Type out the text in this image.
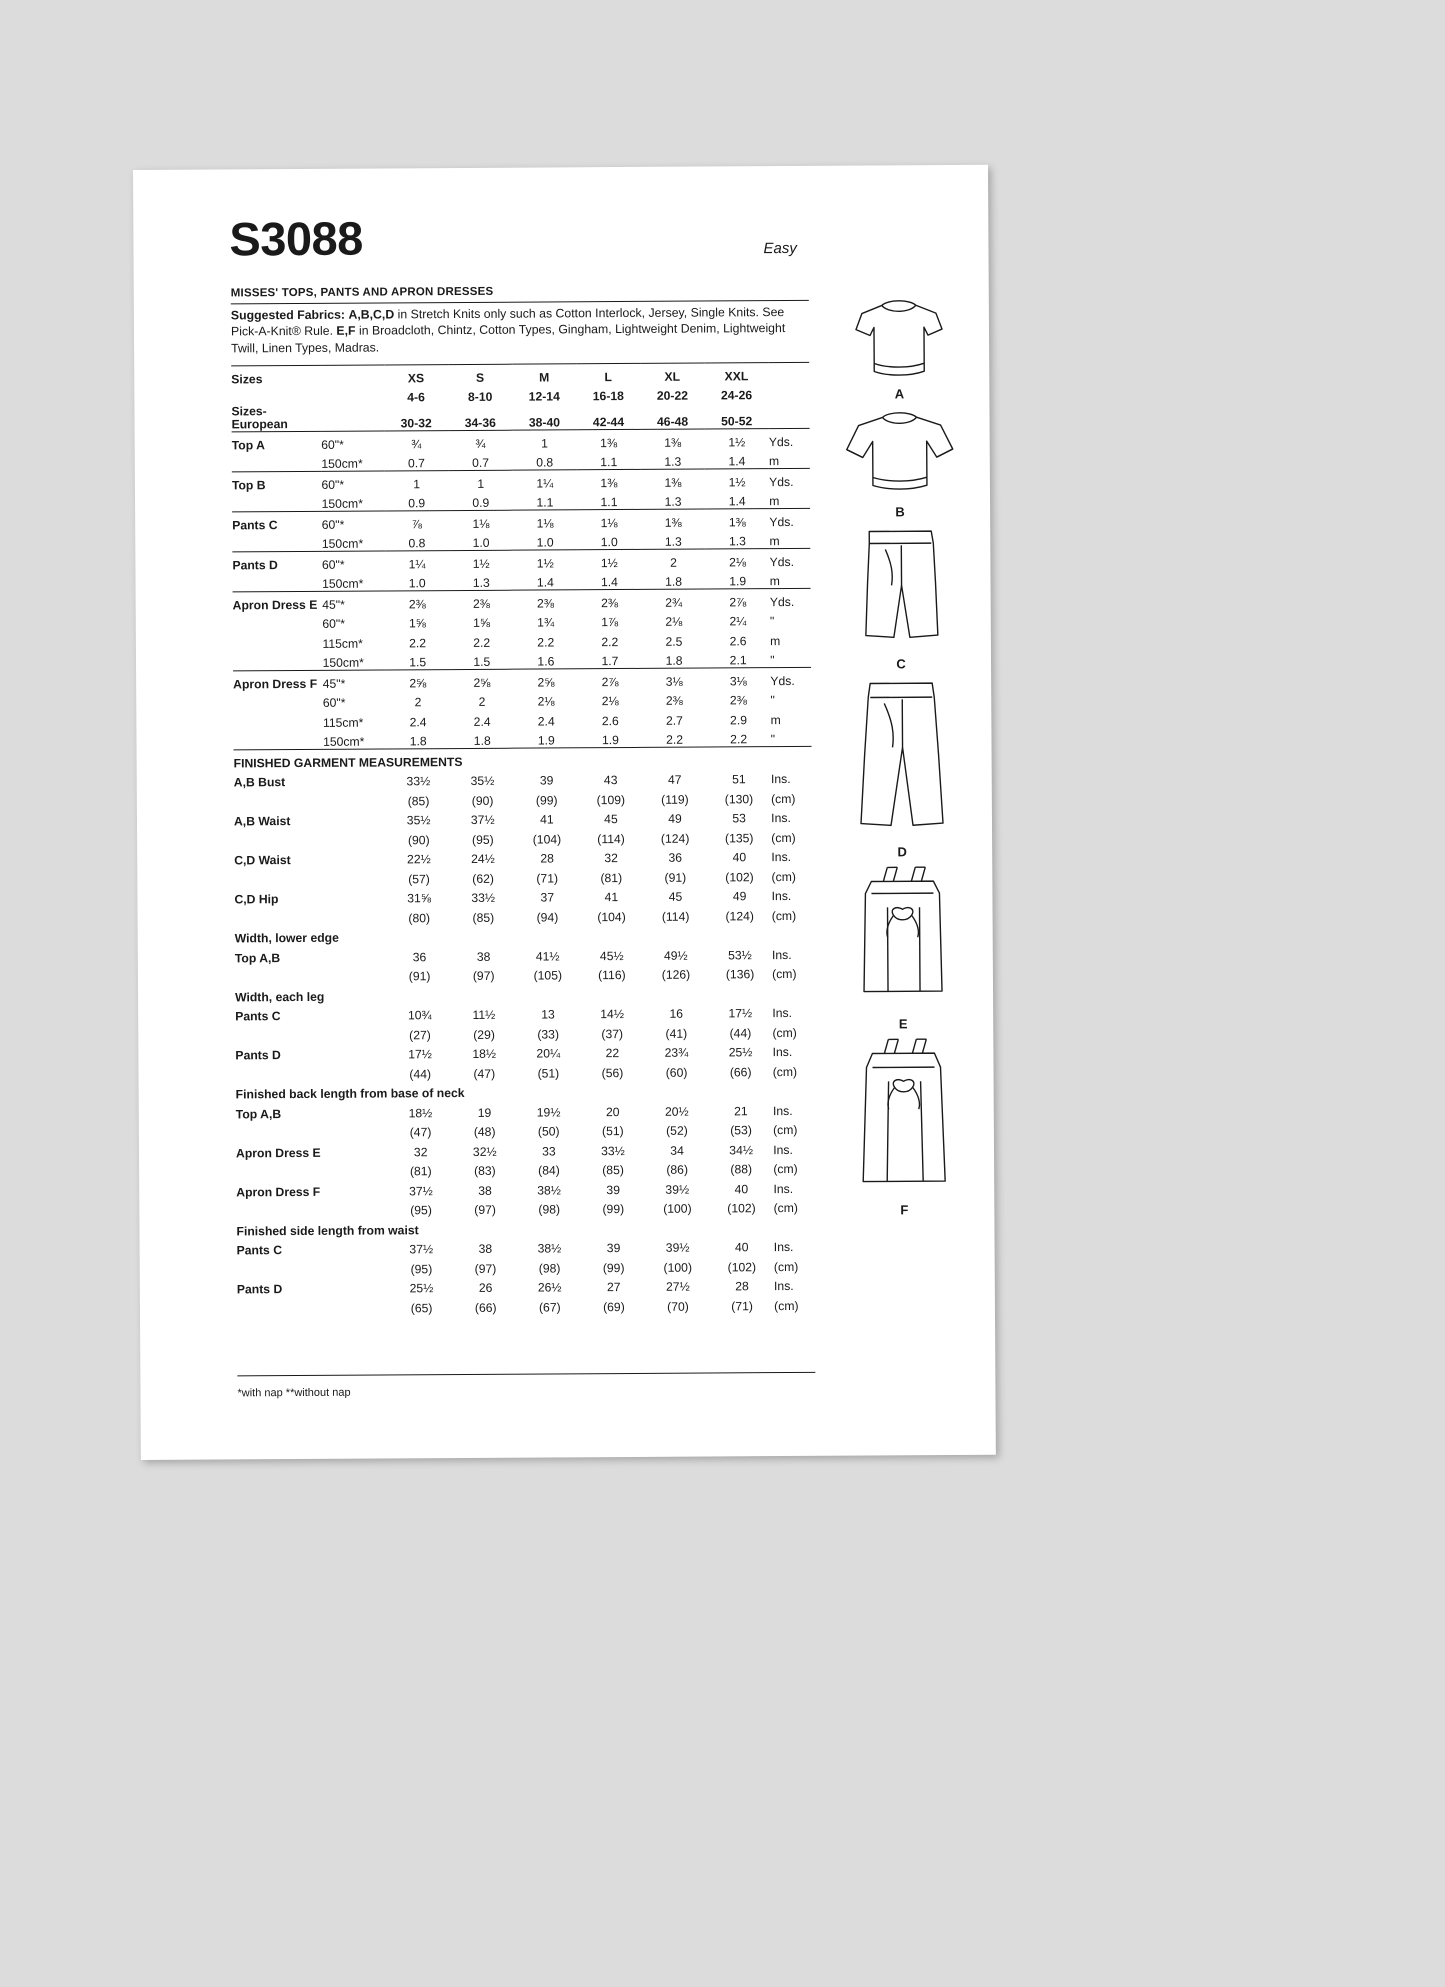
S3088	Easy
MISSES' TOPS, PANTS AND APRON DRESSES
Suggested Fabrics: A,B,C,D in Stretch Knits only such as Cotton Interlock, Jersey, Single Knits. See Pick-A-Knit® Rule. E,F in Broadcloth, Chintz, Cotton Types, Gingham, Lightweight Denim, Lightweight Twill, Linen Types, Madras.
Sizes		XS	S	M	L	XL	XXL	
		4-6	8-10	12-14	16-18	20-22	24-26	
Sizes- European		30-32	34-36	38-40	42-44	46-48	50-52	
Top A	60"*	¾	¾	1	1⅜	1⅜	1½	Yds.
	150cm*	0.7	0.7	0.8	1.1	1.3	1.4	m
Top B	60"*	1	1	1¼	1⅜	1⅜	1½	Yds.
	150cm*	0.9	0.9	1.1	1.1	1.3	1.4	m
Pants C	60"*	⅞	1⅛	1⅛	1⅛	1⅜	1⅜	Yds.
	150cm*	0.8	1.0	1.0	1.0	1.3	1.3	m
Pants D	60"*	1¼	1½	1½	1½	2	2⅛	Yds.
	150cm*	1.0	1.3	1.4	1.4	1.8	1.9	m
Apron Dress E	45"*	2⅜	2⅜	2⅜	2⅜	2¾	2⅞	Yds.
	60"*	1⅝	1⅝	1¾	1⅞	2⅛	2¼	"
	115cm*	2.2	2.2	2.2	2.2	2.5	2.6	m
	150cm*	1.5	1.5	1.6	1.7	1.8	2.1	"
Apron Dress F	45"*	2⅝	2⅝	2⅝	2⅞	3⅛	3⅛	Yds.
	60"*	2	2	2⅛	2⅛	2⅜	2⅜	"
	115cm*	2.4	2.4	2.4	2.6	2.7	2.9	m
	150cm*	1.8	1.8	1.9	1.9	2.2	2.2	"
FINISHED GARMENT MEASUREMENTS								
A,B Bust		33½	35½	39	43	47	51	Ins.
		(85)	(90)	(99)	(109)	(119)	(130)	(cm)
A,B Waist		35½	37½	41	45	49	53	Ins.
		(90)	(95)	(104)	(114)	(124)	(135)	(cm)
C,D Waist		22½	24½	28	32	36	40	Ins.
		(57)	(62)	(71)	(81)	(91)	(102)	(cm)
C,D Hip		31⅝	33½	37	41	45	49	Ins.
		(80)	(85)	(94)	(104)	(114)	(124)	(cm)
Width, lower edge								
Top A,B		36	38	41½	45½	49½	53½	Ins.
		(91)	(97)	(105)	(116)	(126)	(136)	(cm)
Width, each leg								
Pants C		10¾	11½	13	14½	16	17½	Ins.
		(27)	(29)	(33)	(37)	(41)	(44)	(cm)
Pants D		17½	18½	20¼	22	23¾	25½	Ins.
		(44)	(47)	(51)	(56)	(60)	(66)	(cm)
Finished back length from base of neck								
Top A,B		18½	19	19½	20	20½	21	Ins.
		(47)	(48)	(50)	(51)	(52)	(53)	(cm)
Apron Dress E		32	32½	33	33½	34	34½	Ins.
		(81)	(83)	(84)	(85)	(86)	(88)	(cm)
Apron Dress F		37½	38	38½	39	39½	40	Ins.
		(95)	(97)	(98)	(99)	(100)	(102)	(cm)
Finished side length from waist								
Pants C		37½	38	38½	39	39½	40	Ins.
		(95)	(97)	(98)	(99)	(100)	(102)	(cm)
Pants D		25½	26	26½	27	27½	28	Ins.
		(65)	(66)	(67)	(69)	(70)	(71)	(cm)
*with nap **without nap
A
B
C
D
E
F
